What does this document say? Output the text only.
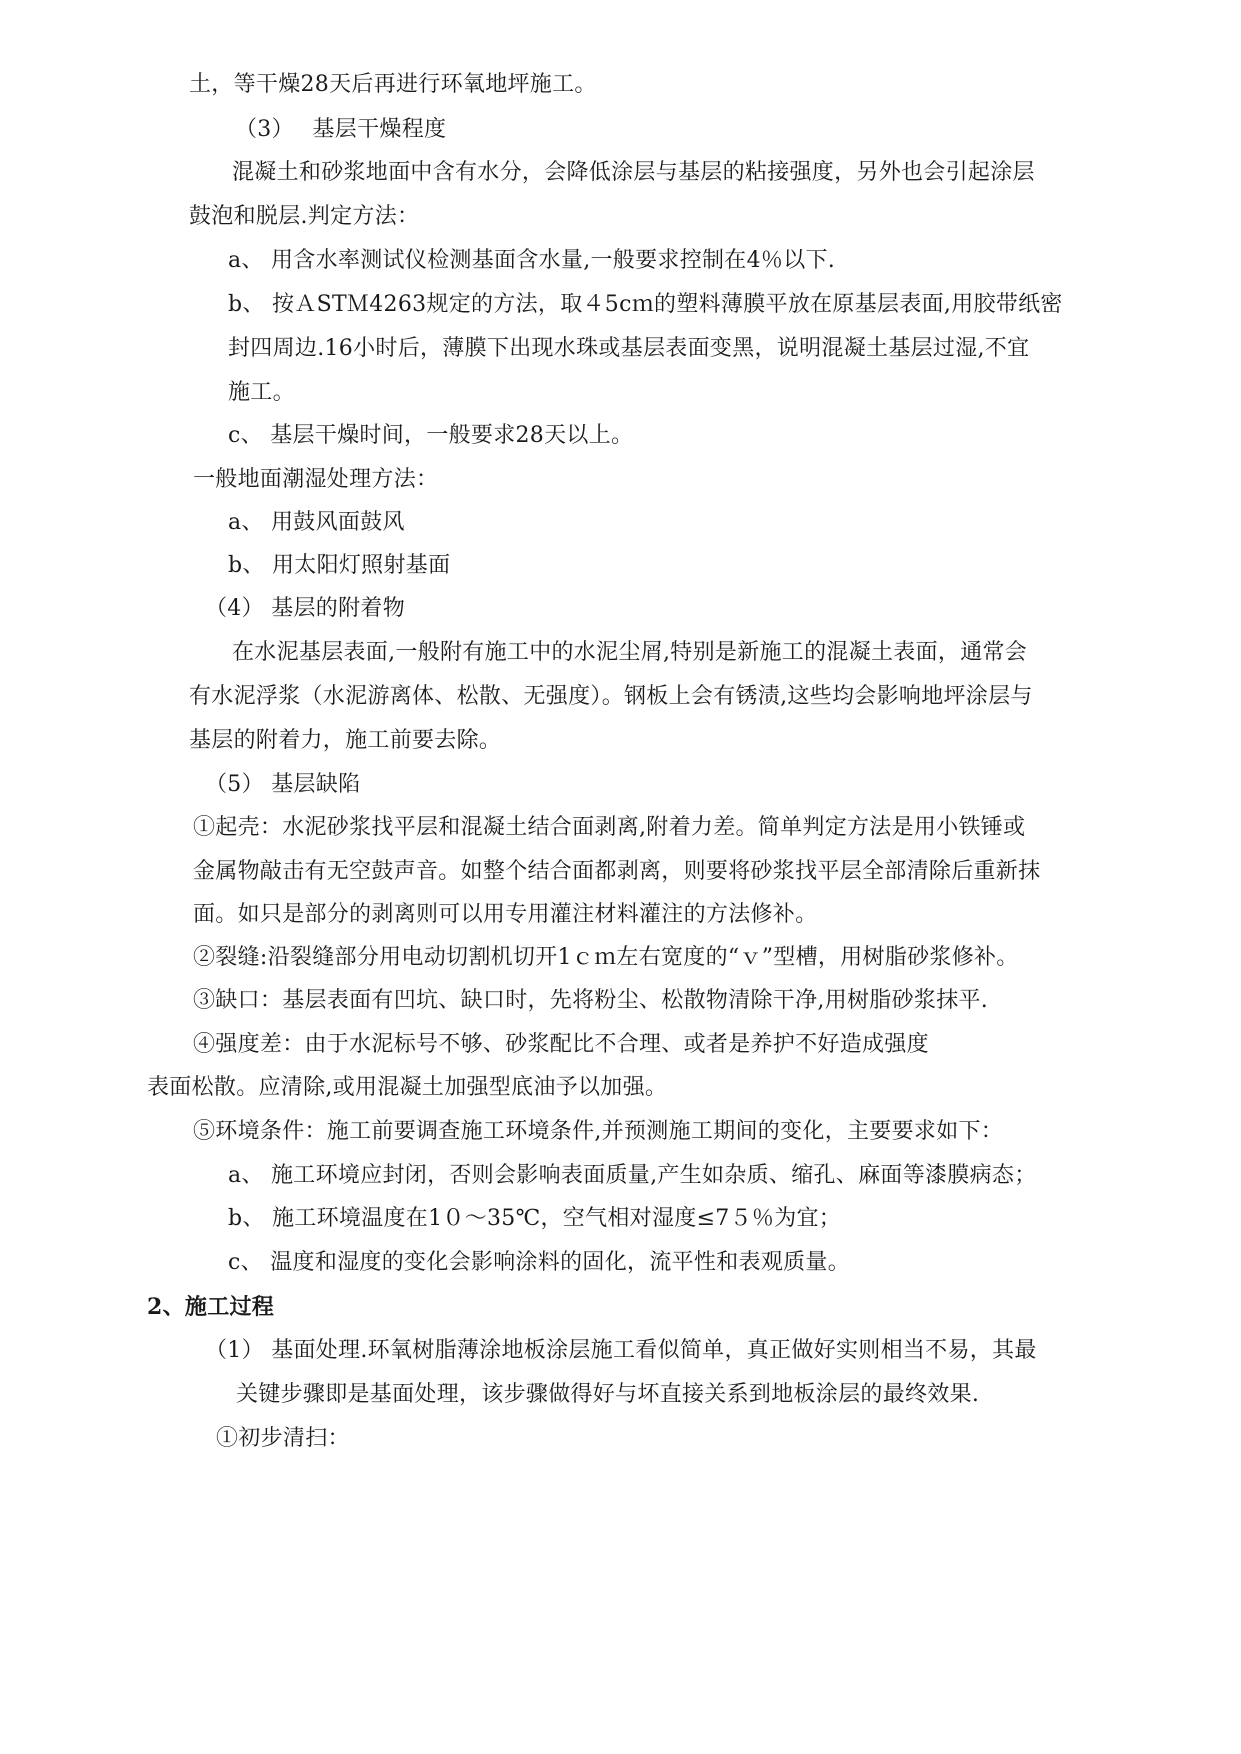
土，等干燥28天后再进行环氧地坪施工。
（3）　 基层干燥程度
混凝土和砂浆地面中含有水分，会降低涂层与基层的粘接强度，另外也会引起涂层
鼓泡和脱层.判定方法：
a、 用含水率测试仪检测基面含水量,一般要求控制在4％以下.
b、 按ＡSTＭ4263规定的方法，取４5cｍ的塑料薄膜平放在原基层表面,用胶带纸密
封四周边.16小时后，薄膜下出现水珠或基层表面变黑，说明混凝土基层过湿,不宜
施工。
c、 基层干燥时间，一般要求28天以上。
一般地面潮湿处理方法：
a、 用鼓风面鼓风
b、 用太阳灯照射基面
（4） 基层的附着物
在水泥基层表面,一般附有施工中的水泥尘屑,特别是新施工的混凝土表面，通常会
有水泥浮浆（水泥游离体、松散、无强度）。钢板上会有锈渍,这些均会影响地坪涂层与
基层的附着力，施工前要去除。
（5） 基层缺陷
①起壳：水泥砂浆找平层和混凝土结合面剥离,附着力差。简单判定方法是用小铁锤或
金属物敲击有无空鼓声音。如整个结合面都剥离，则要将砂浆找平层全部清除后重新抹
面。如只是部分的剥离则可以用专用灌注材料灌注的方法修补。
②裂缝:沿裂缝部分用电动切割机切开1ｃｍ左右宽度的“ｖ”型槽，用树脂砂浆修补。
③缺口：基层表面有凹坑、缺口时，先将粉尘、松散物清除干净,用树脂砂浆抹平.
④强度差：由于水泥标号不够、砂浆配比不合理、或者是养护不好造成强度
表面松散。应清除,或用混凝土加强型底油予以加强。
⑤环境条件：施工前要调查施工环境条件,并预测施工期间的变化，主要要求如下：
a、 施工环境应封闭，否则会影响表面质量,产生如杂质、缩孔、麻面等漆膜病态；
b、 施工环境温度在1０～35℃，空气相对湿度≤7５％为宜；
c、 温度和湿度的变化会影响涂料的固化，流平性和表观质量。
2、施工过程
（1） 基面处理.环氧树脂薄涂地板涂层施工看似简单，真正做好实则相当不易，其最
关键步骤即是基面处理，该步骤做得好与坏直接关系到地板涂层的最终效果.
①初步清扫：
